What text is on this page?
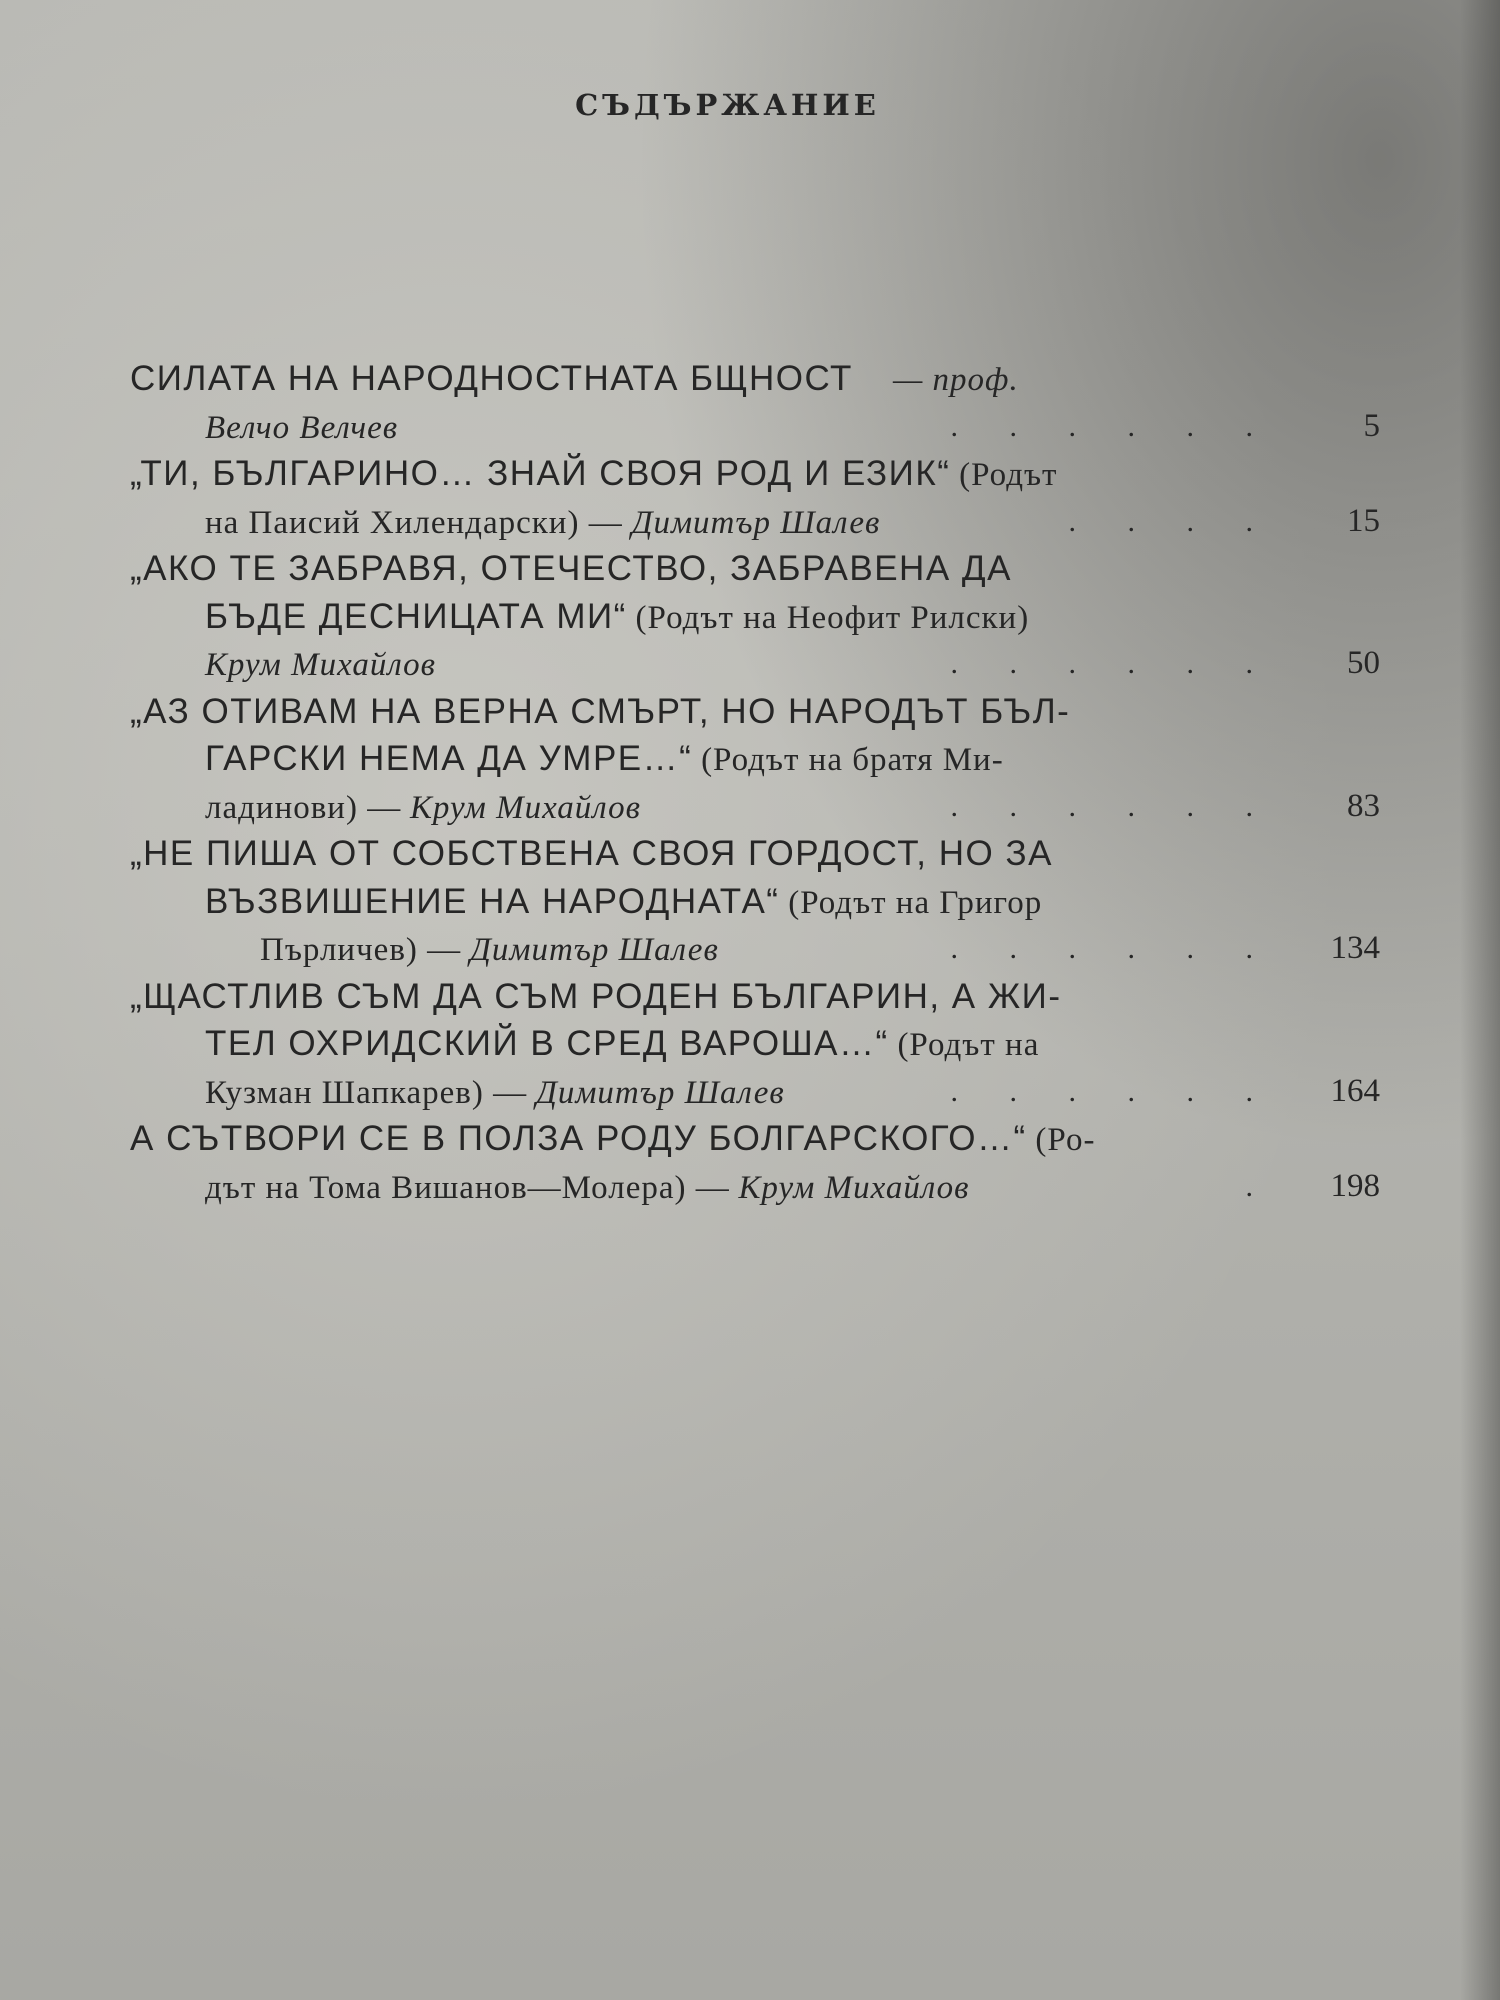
СЪДЪРЖАНИЕ
СИЛАТА НА НАРОДНОСТНАТА БЩНОСТ — проф.
Велчо Велчев	. . . . . .	5
„ТИ, БЪЛГАРИНО… ЗНАЙ СВОЯ РОД И ЕЗИК“ (Родът
на Паисий Хилендарски) — Димитър Шалев	. . . .	15
„АКО ТЕ ЗАБРАВЯ, ОТЕЧЕСТВО, ЗАБРАВЕНА ДА
БЪДЕ ДЕСНИЦАТА МИ“ (Родът на Неофит Рилски)
Крум Михайлов	. . . . . .	50
„АЗ ОТИВАМ НА ВЕРНА СМЪРТ, НО НАРОДЪТ БЪЛ-
ГАРСКИ НЕМА ДА УМРЕ…“ (Родът на братя Ми-
ладинови) — Крум Михайлов	. . . . . .	83
„НЕ ПИША ОТ СОБСТВЕНА СВОЯ ГОРДОСТ, НО ЗА
ВЪЗВИШЕНИЕ НА НАРОДНАТА“ (Родът на Григор
Пърличев) — Димитър Шалев	. . . . . .	134
„ЩАСТЛИВ СЪМ ДА СЪМ РОДЕН БЪЛГАРИН, А ЖИ-
ТЕЛ ОХРИДСКИЙ В СРЕД ВАРОША…“ (Родът на
Кузман Шапкарев) — Димитър Шалев	. . . . . .	164
А СЪТВОРИ СЕ В ПОЛЗА РОДУ БОЛГАРСКОГО…“ (Ро-
дът на Тома Вишанов—Молера) — Крум Михайлов	.	198
